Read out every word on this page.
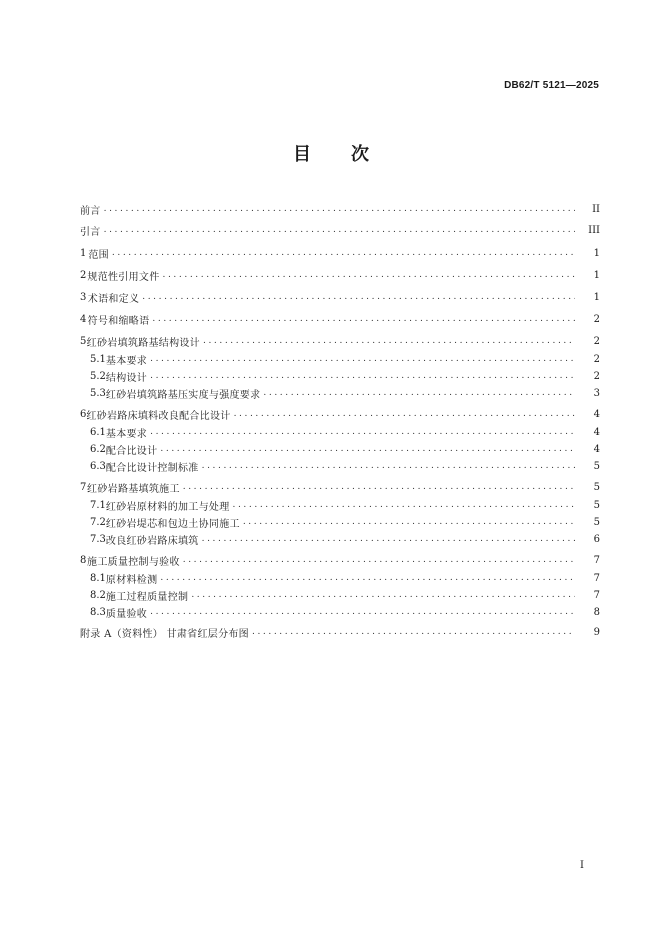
DB62/T 5121—2025
目 次
前言 .....	II
引言 .....	III
1 范围 .....	1
2 规范性引用文件 .....	1
3 术语和定义 .....	1
4 符号和缩略语 .....	2
5 红砂岩填筑路基结构设计 .....	2
5.1 基本要求 .....	2
5.2 结构设计 .....	2
5.3 红砂岩填筑路基压实度与强度要求 .....	3
6 红砂岩路床填料改良配合比设计 .....	4
6.1 基本要求 .....	4
6.2 配合比设计 .....	4
6.3 配合比设计控制标准 .....	5
7 红砂岩路基填筑施工 .....	5
7.1 红砂岩原材料的加工与处理 .....	5
7.2 红砂岩堤芯和包边土协同施工 .....	5
7.3 改良红砂岩路床填筑 .....	6
8 施工质量控制与验收 .....	7
8.1 原材料检测 .....	7
8.2 施工过程质量控制 .....	7
8.3 质量验收 .....	8
附录 A（资料性） 甘肃省红层分布图 .....	9
I
